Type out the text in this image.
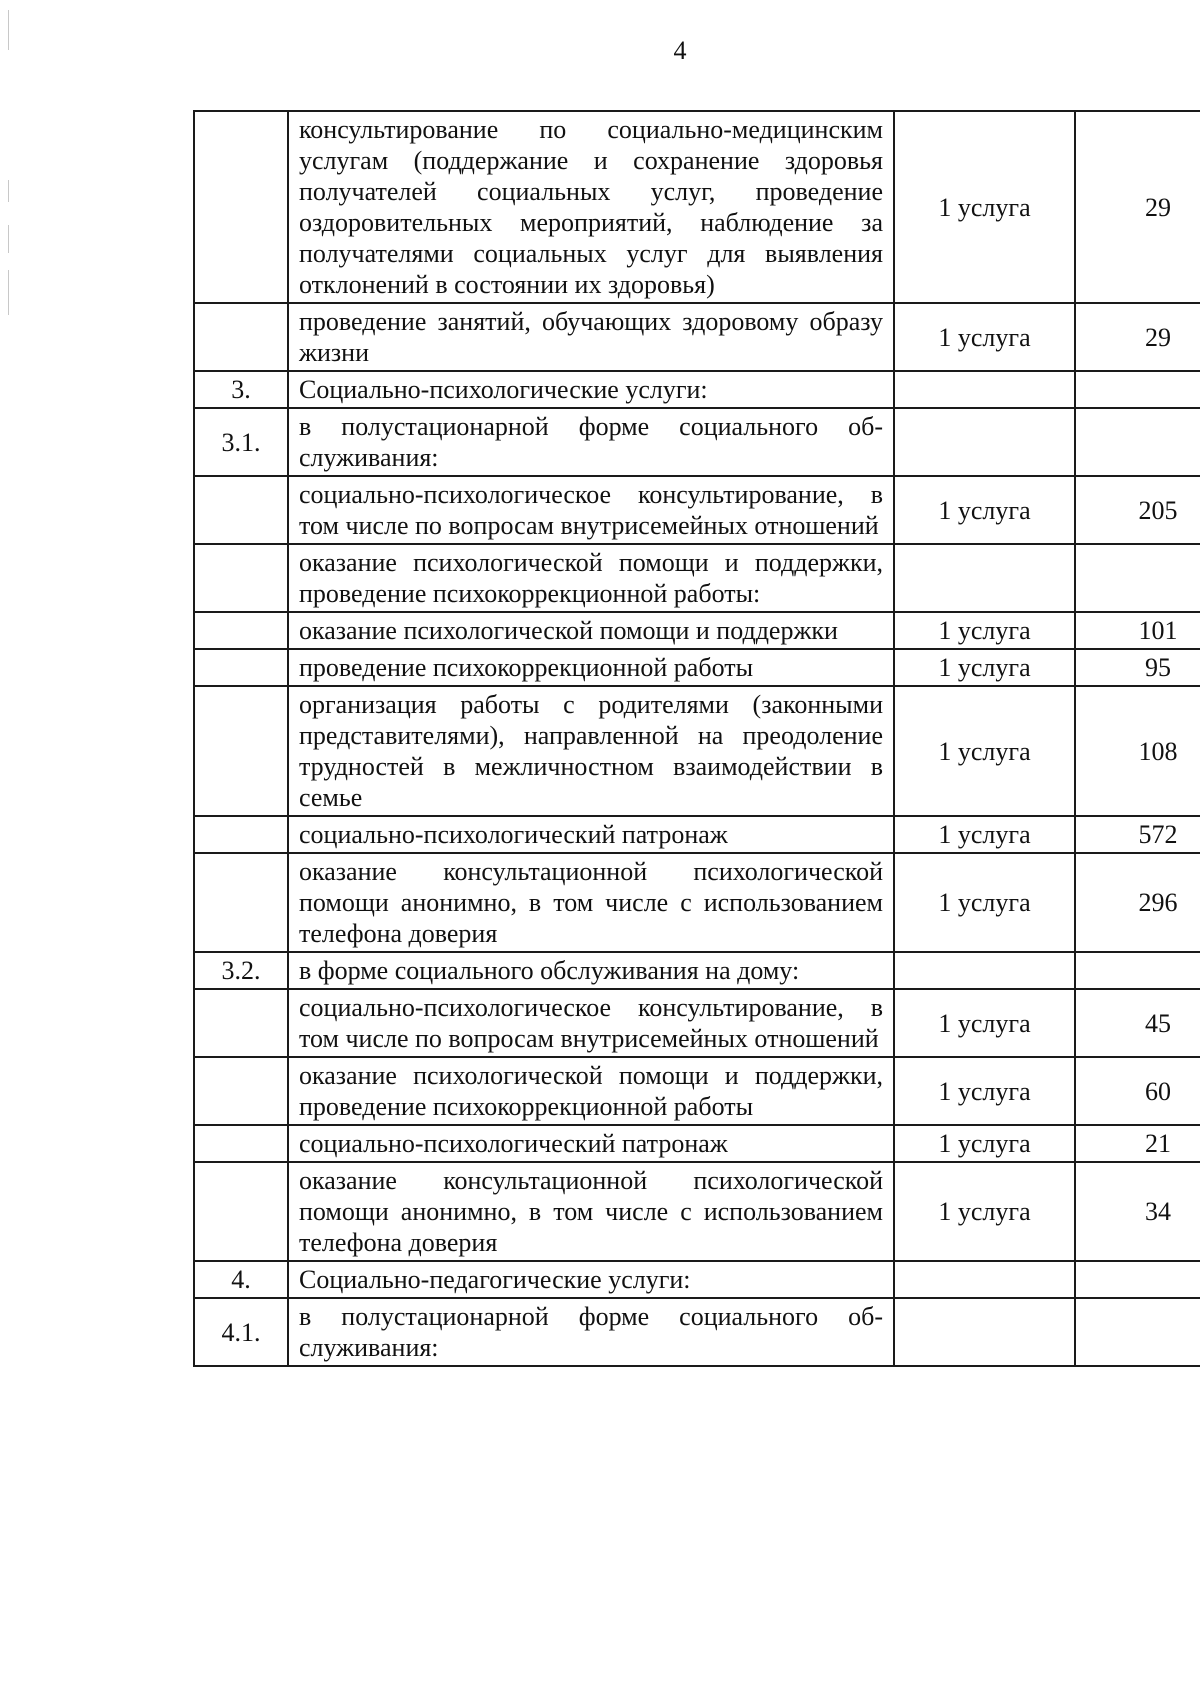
4
	консультирование по социально-медицинским услугам (поддержание и сохранение здоровья получателей социальных услуг, проведение оздоровительных мероприятий, наблюдение за получателями социальных услуг для выявления отклонений в состоянии их здоровья)	1 услуга	29
	проведение занятий, обучающих здоровому образу жизни	1 услуга	29
3.	Социально-психологические услуги:		
3.1.	в полустационарной форме социального обслуживания:		
	социально-психологическое консультирование, в том числе по вопросам внутрисемейных отношений	1 услуга	205
	оказание психологической помощи и поддержки, проведение психокоррекционной работы:		
	оказание психологической помощи и поддержки	1 услуга	101
	проведение психокоррекционной работы	1 услуга	95
	организация работы с родителями (законными представителями), направленной на преодоление трудностей в межличностном взаимодействии в семье	1 услуга	108
	социально-психологический патронаж	1 услуга	572
	оказание консультационной психологической помощи анонимно, в том числе с использованием телефона доверия	1 услуга	296
3.2.	в форме социального обслуживания на дому:		
	социально-психологическое консультирование, в том числе по вопросам внутрисемейных отношений	1 услуга	45
	оказание психологической помощи и поддержки, проведение психокоррекционной работы	1 услуга	60
	социально-психологический патронаж	1 услуга	21
	оказание консультационной психологической помощи анонимно, в том числе с использованием телефона доверия	1 услуга	34
4.	Социально-педагогические услуги:		
4.1.	в полустационарной форме социального обслуживания:		
